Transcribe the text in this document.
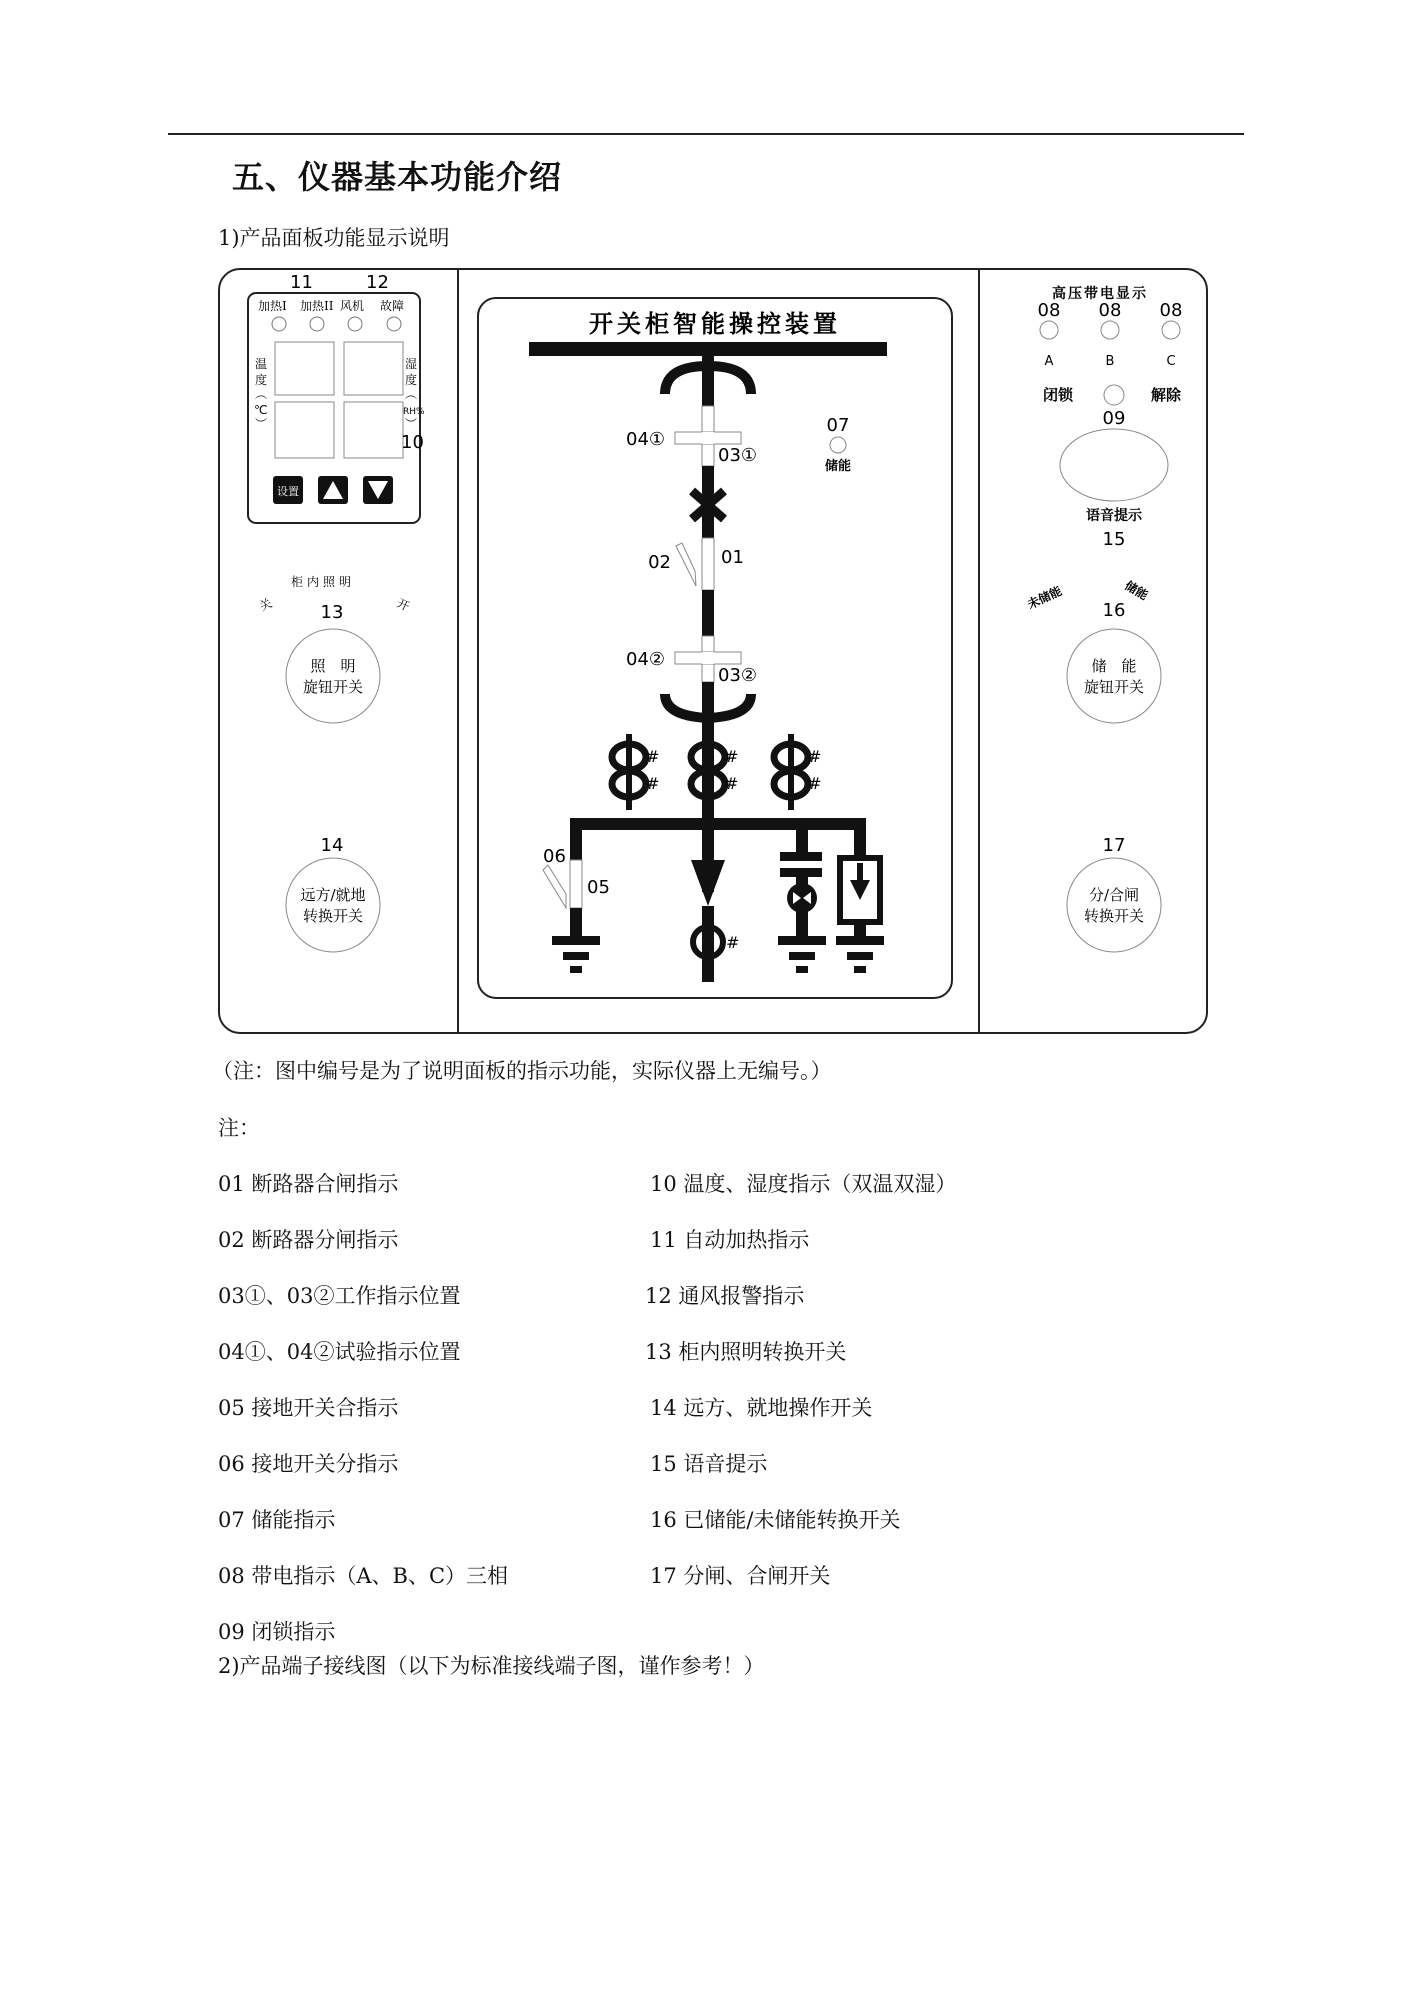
五、仪器基本功能介绍
1)产品面板功能显示说明
11	12
加热I 加热II 风机 故障
温
度
︵
℃
︶
湿
度
︵
RH%
︶
10
设置
关
柜内照明
开
13
照　明
旋钮开关
14
远方/就地
转换开关
开关柜智能操控装置
04①
03①
07
储能
02	01
04②
03②
#
#
#
#
#
#
06
05
#
高压带电显示
08 08 08
A	B	C
闭锁	解除
09
语音提示
15
未储能	储能
16
储　能
旋钮开关
17
分/合闸
转换开关
（注：图中编号是为了说明面板的指示功能，实际仪器上无编号。）
注：
01 断路器合闸指示
02 断路器分闸指示
03①、03②工作指示位置
04①、04②试验指示位置
05 接地开关合指示
06 接地开关分指示
07 储能指示
08 带电指示（A、B、C）三相
09 闭锁指示
10 温度、湿度指示（双温双湿）
11 自动加热指示
12 通风报警指示
13 柜内照明转换开关
14 远方、就地操作开关
15 语音提示
16 已储能/未储能转换开关
17 分闸、合闸开关
2)产品端子接线图（以下为标准接线端子图，谨作参考！）
